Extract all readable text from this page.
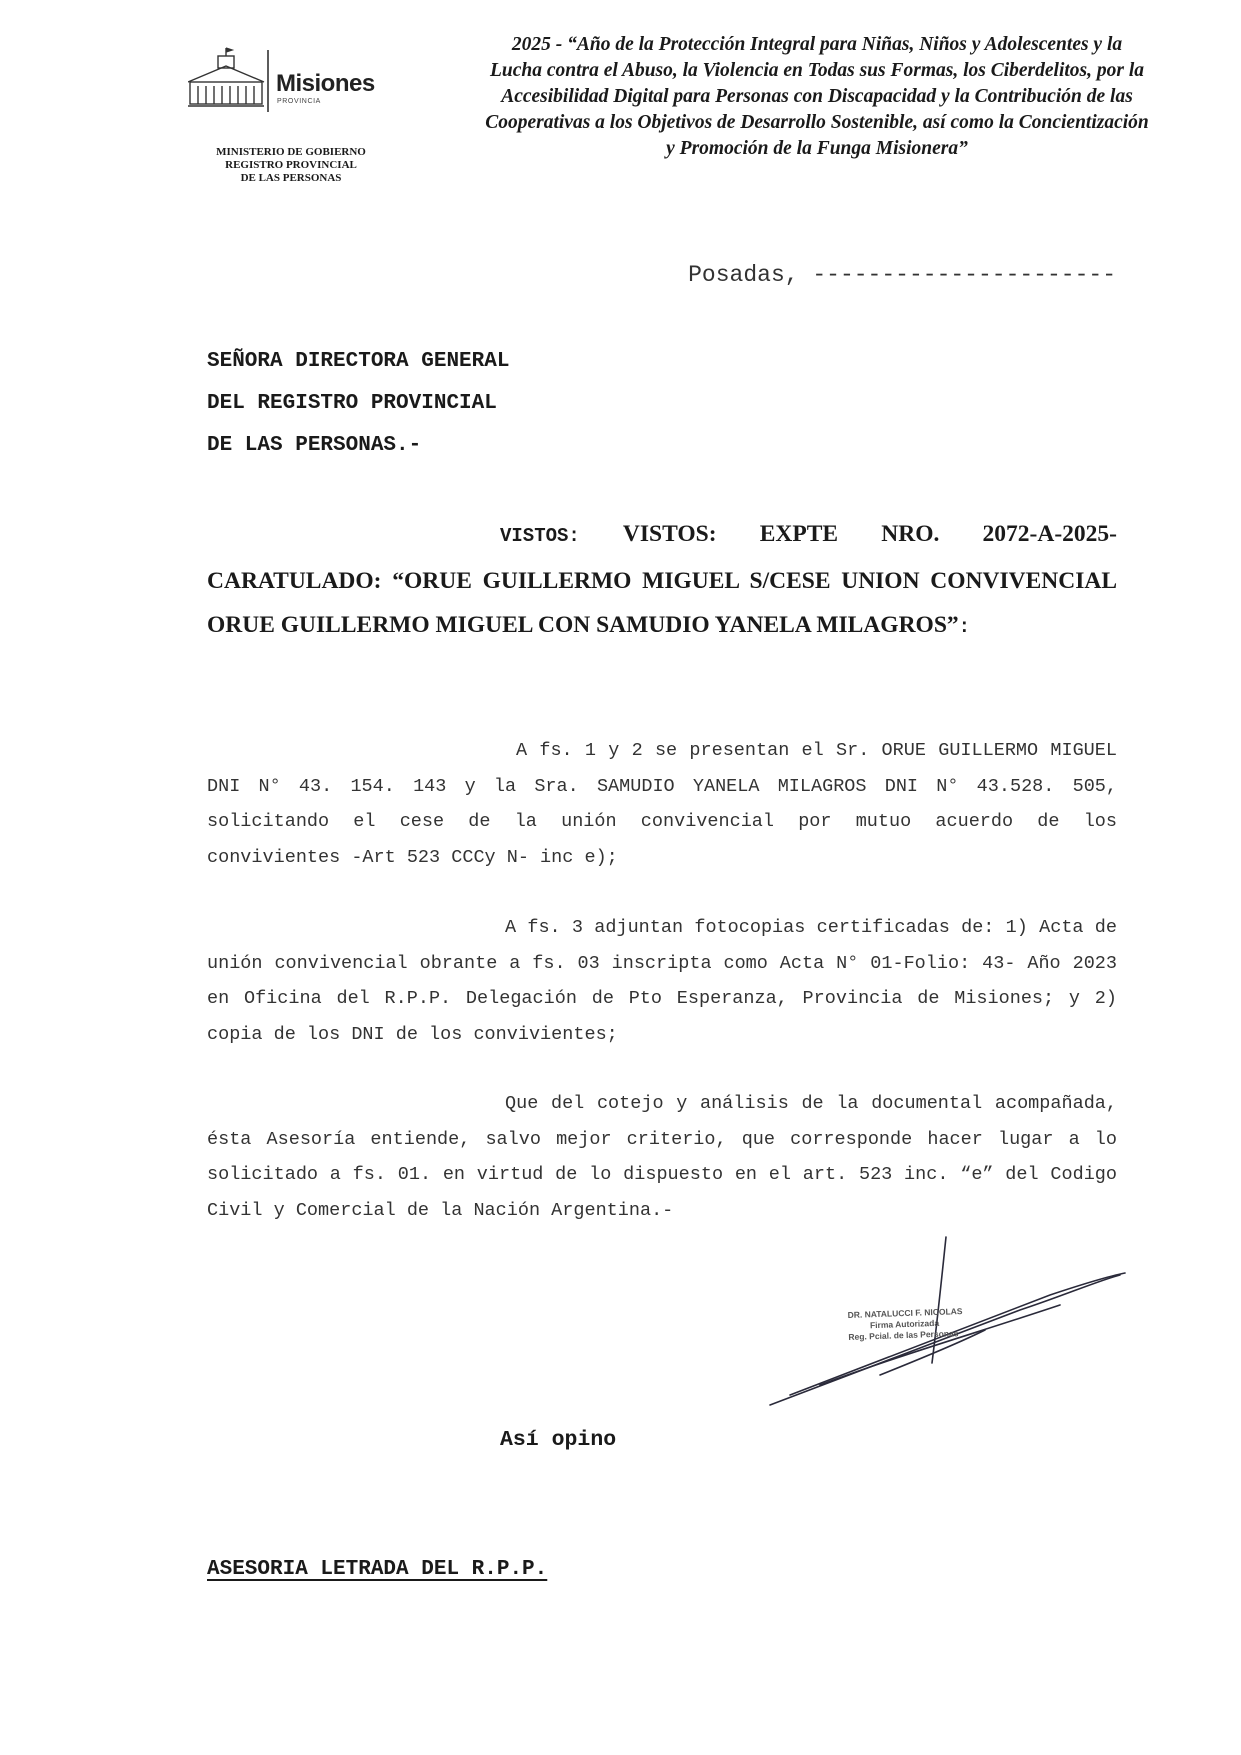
Misiones
PROVINCIA
MINISTERIO DE GOBIERNO
REGISTRO PROVINCIAL
DE LAS PERSONAS
2025 - “Año de la Protección Integral para Niñas, Niños y Adolescentes y la
Lucha contra el Abuso, la Violencia en Todas sus Formas, los Ciberdelitos, por la
Accesibilidad Digital para Personas con Discapacidad y la Contribución de las
Cooperativas a los Objetivos de Desarrollo Sostenible, así como la Concientización
y Promoción de la Funga Misionera”
Posadas, ----------------------
SEÑORA DIRECTORA GENERAL
DEL REGISTRO PROVINCIAL
DE LAS PERSONAS.-
VISTOS: VISTOS: EXPTE NRO. 2072-A-2025-CARATULADO: “ORUE GUILLERMO MIGUEL S/CESE UNION CONVIVENCIAL ORUE GUILLERMO MIGUEL CON SAMUDIO YANELA MILAGROS”:
A fs. 1 y 2 se presentan el Sr. ORUE GUILLERMO MIGUEL DNI N° 43. 154. 143 y la Sra. SAMUDIO YANELA MILAGROS DNI N° 43.528. 505, solicitando el cese de la unión convivencial por mutuo acuerdo de los convivientes -Art 523 CCCy N- inc e);
A fs. 3 adjuntan fotocopias certificadas de: 1) Acta de unión convivencial obrante a fs. 03 inscripta como Acta N° 01-Folio: 43- Año 2023 en Oficina del R.P.P. Delegación de Pto Esperanza, Provincia de Misiones; y 2) copia de los DNI de los convivientes;
Que del cotejo y análisis de la documental acompañada, ésta Asesoría entiende, salvo mejor criterio, que corresponde hacer lugar a lo solicitado a fs. 01. en virtud de lo dispuesto en el art. 523 inc. “e” del Codigo Civil y Comercial de la Nación Argentina.-
DR. NATALUCCI F. NICOLAS
Firma Autorizada
Reg. Pcial. de las Personas
Así opino
ASESORIA LETRADA DEL R.P.P.
